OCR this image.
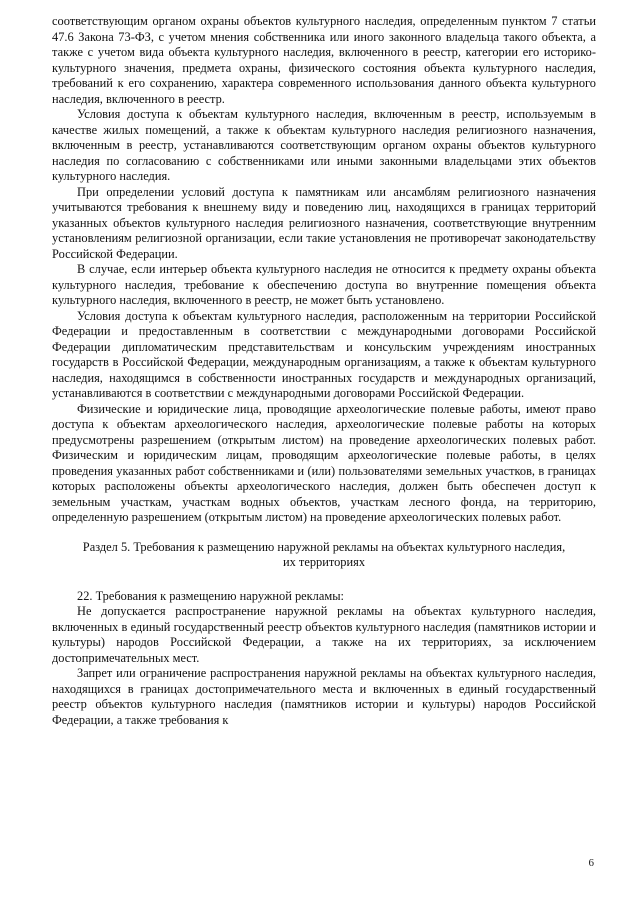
соответствующим органом охраны объектов культурного наследия, определенным пунктом 7 статьи 47.6 Закона 73-ФЗ, с учетом мнения собственника или иного законного владельца такого объекта, а также с учетом вида объекта культурного наследия, включенного в реестр, категории его историко-культурного значения, предмета охраны, физического состояния объекта культурного наследия, требований к его сохранению, характера современного использования данного объекта культурного наследия, включенного в реестр.

Условия доступа к объектам культурного наследия, включенным в реестр, используемым в качестве жилых помещений, а также к объектам культурного наследия религиозного назначения, включенным в реестр, устанавливаются соответствующим органом охраны объектов культурного наследия по согласованию с собственниками или иными законными владельцами этих объектов культурного наследия.

При определении условий доступа к памятникам или ансамблям религиозного назначения учитываются требования к внешнему виду и поведению лиц, находящихся в границах территорий указанных объектов культурного наследия религиозного назначения, соответствующие внутренним установлениям религиозной организации, если такие установления не противоречат законодательству Российской Федерации.

В случае, если интерьер объекта культурного наследия не относится к предмету охраны объекта культурного наследия, требование к обеспечению доступа во внутренние помещения объекта культурного наследия, включенного в реестр, не может быть установлено.

Условия доступа к объектам культурного наследия, расположенным на территории Российской Федерации и предоставленным в соответствии с международными договорами Российской Федерации дипломатическим представительствам и консульским учреждениям иностранных государств в Российской Федерации, международным организациям, а также к объектам культурного наследия, находящимся в собственности иностранных государств и международных организаций, устанавливаются в соответствии с международными договорами Российской Федерации.

Физические и юридические лица, проводящие археологические полевые работы, имеют право доступа к объектам археологического наследия, археологические полевые работы на которых предусмотрены разрешением (открытым листом) на проведение археологических полевых работ. Физическим и юридическим лицам, проводящим археологические полевые работы, в целях проведения указанных работ собственниками и (или) пользователями земельных участков, в границах которых расположены объекты археологического наследия, должен быть обеспечен доступ к земельным участкам, участкам водных объектов, участкам лесного фонда, на территорию, определенную разрешением (открытым листом) на проведение археологических полевых работ.

Раздел 5. Требования к размещению наружной рекламы на объектах культурного наследия, их территориях

22. Требования к размещению наружной рекламы:

Не допускается распространение наружной рекламы на объектах культурного наследия, включенных в единый государственный реестр объектов культурного наследия (памятников истории и культуры) народов Российской Федерации, а также на их территориях, за исключением достопримечательных мест.

Запрет или ограничение распространения наружной рекламы на объектах культурного наследия, находящихся в границах достопримечательного места и включенных в единый государственный реестр объектов культурного наследия (памятников истории и культуры) народов Российской Федерации, а также требования к

6
